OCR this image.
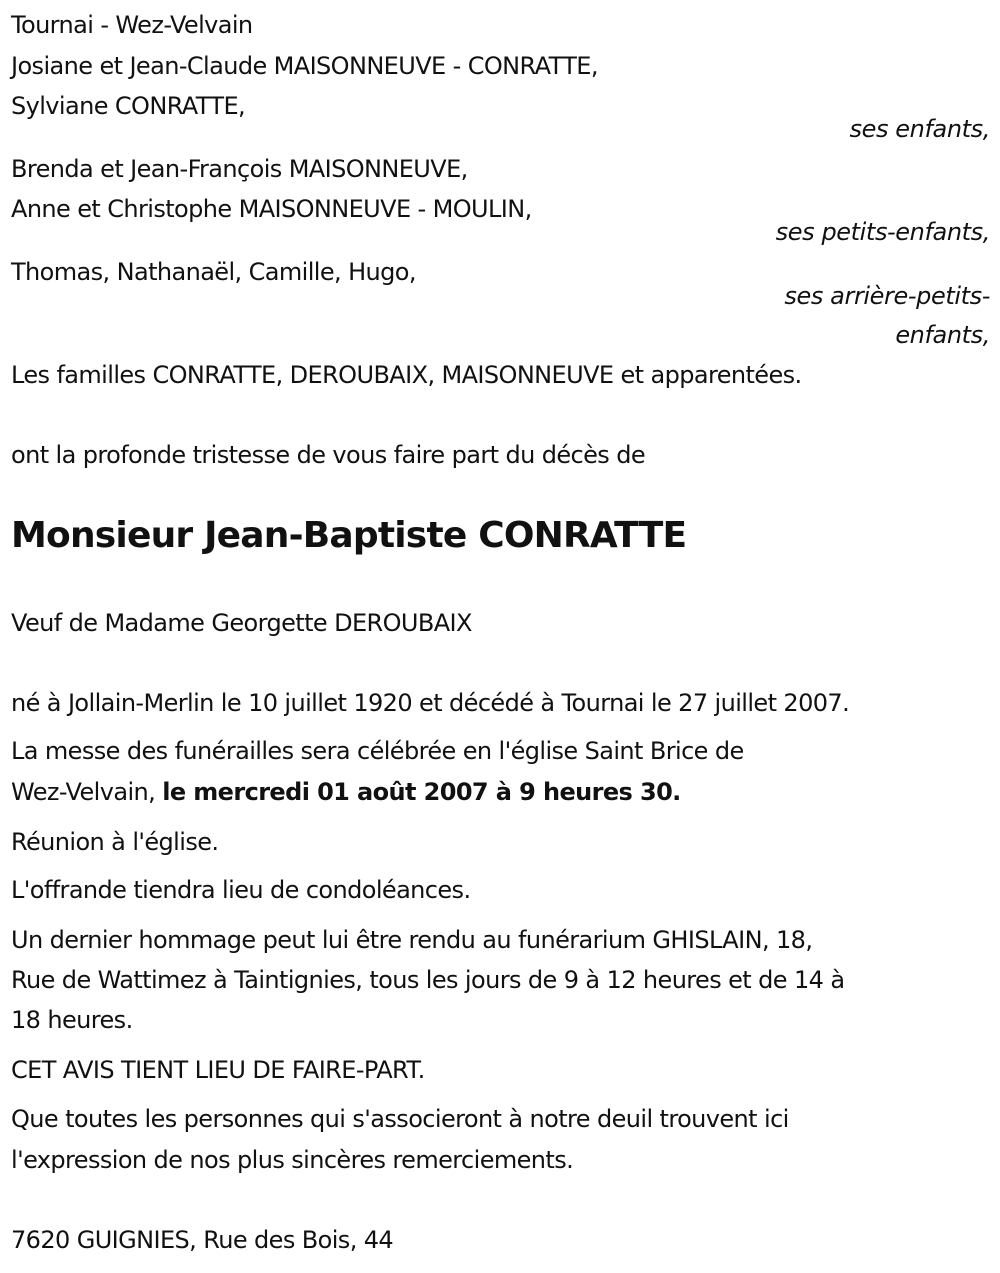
Tournai - Wez-Velvain
Josiane et Jean-Claude MAISONNEUVE - CONRATTE,
Sylviane CONRATTE,
ses enfants,
Brenda et Jean-François MAISONNEUVE,
Anne et Christophe MAISONNEUVE - MOULIN,
ses petits-enfants,
Thomas, Nathanaël, Camille, Hugo,
ses arrière-petits-
enfants,
Les familles CONRATTE, DEROUBAIX, MAISONNEUVE et apparentées.
ont la profonde tristesse de vous faire part du décès de
Monsieur Jean-Baptiste CONRATTE
Veuf de Madame Georgette DEROUBAIX
né à Jollain-Merlin le 10 juillet 1920 et décédé à Tournai le 27 juillet 2007.
La messe des funérailles sera célébrée en l'église Saint Brice de
Wez-Velvain, le mercredi 01 août 2007 à 9 heures 30.
Réunion à l'église.
L'offrande tiendra lieu de condoléances.
Un dernier hommage peut lui être rendu au funérarium GHISLAIN, 18,
Rue de Wattimez à Taintignies, tous les jours de 9 à 12 heures et de 14 à
18 heures.
CET AVIS TIENT LIEU DE FAIRE-PART.
Que toutes les personnes qui s'associeront à notre deuil trouvent ici
l'expression de nos plus sincères remerciements.
7620 GUIGNIES, Rue des Bois, 44
